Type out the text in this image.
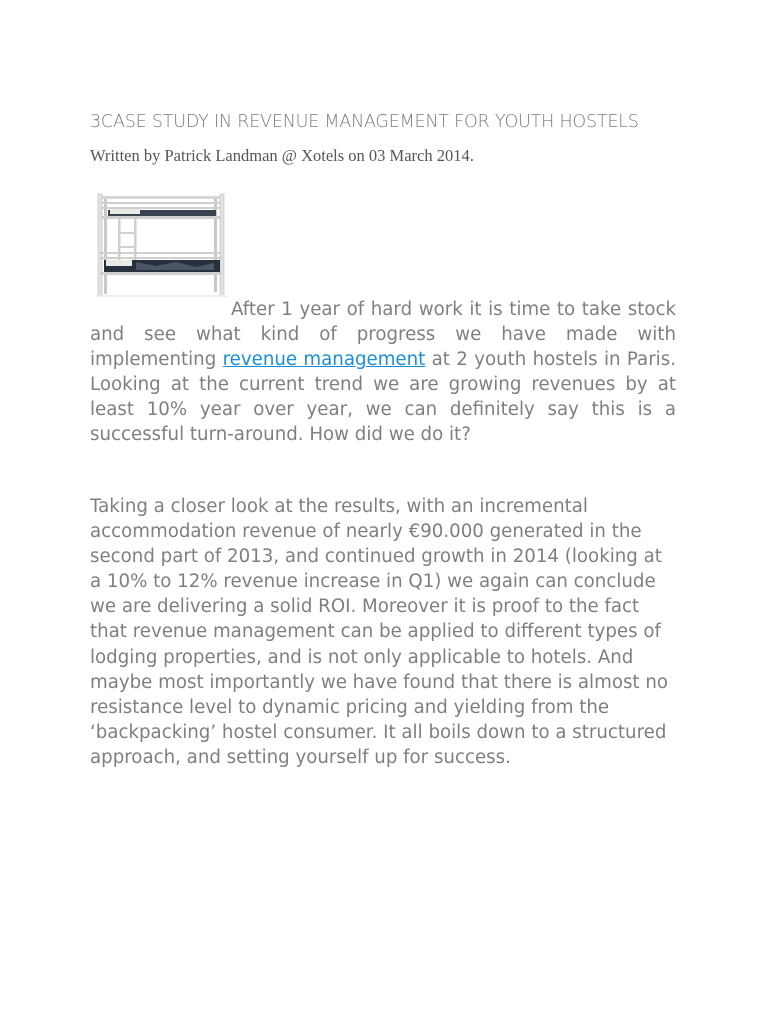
3CASE STUDY IN REVENUE MANAGEMENT FOR YOUTH HOSTELS

Written by Patrick Landman @ Xotels on 03 March 2014.

After 1 year of hard work it is time to take stock and see what kind of progress we have made with implementing revenue management at 2 youth hostels in Paris. Looking at the current trend we are growing revenues by at least 10% year over year, we can definitely say this is a successful turn-around. How did we do it?

Taking a closer look at the results, with an incremental accommodation revenue of nearly €90.000 generated in the second part of 2013, and continued growth in 2014 (looking at a 10% to 12% revenue increase in Q1) we again can conclude we are delivering a solid ROI. Moreover it is proof to the fact that revenue management can be applied to different types of lodging properties, and is not only applicable to hotels. And maybe most importantly we have found that there is almost no resistance level to dynamic pricing and yielding from the ‘backpacking’ hostel consumer. It all boils down to a structured approach, and setting yourself up for success.
